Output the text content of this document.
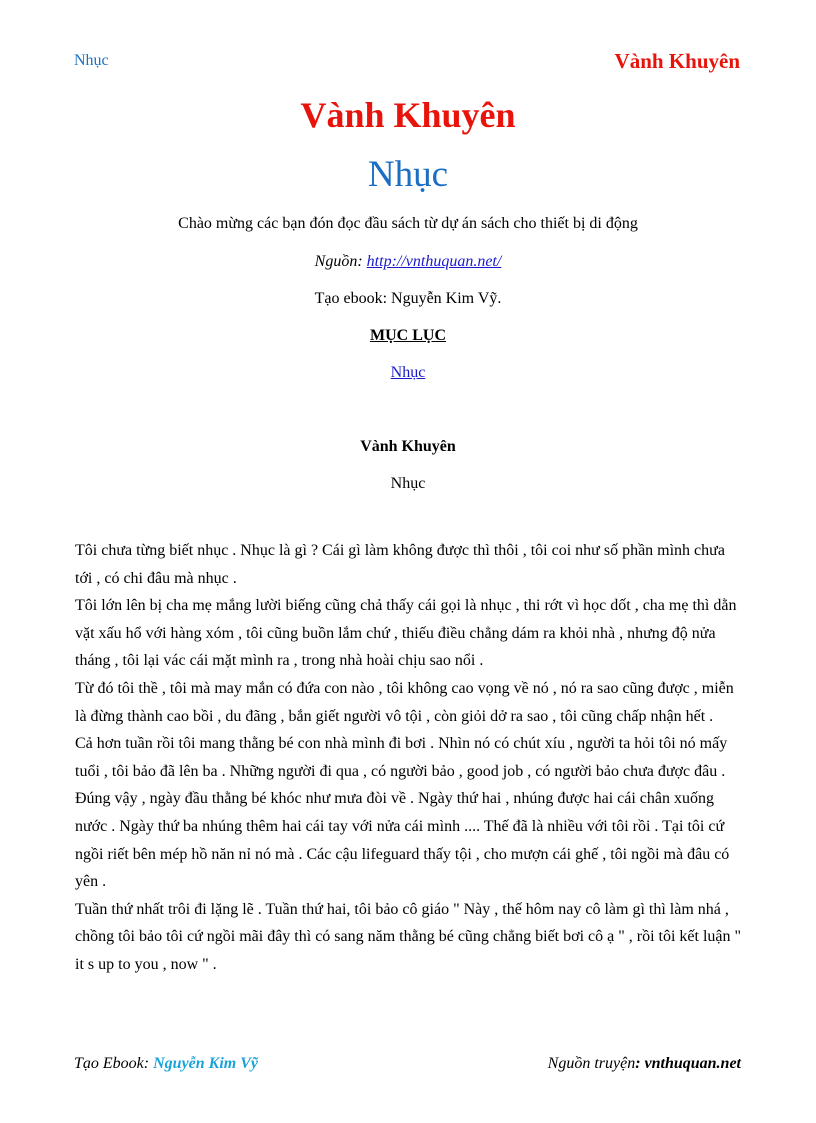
Nhục	Vành Khuyên
Vành Khuyên
Nhục
Chào mừng các bạn đón đọc đầu sách từ dự án sách cho thiết bị di động
Nguồn: http://vnthuquan.net/
Tạo ebook: Nguyễn Kim Vỹ.
MỤC LỤC
Nhục
Vành Khuyên
Nhục

Tôi chưa từng biết nhục . Nhục là gì ? Cái gì làm không được thì thôi , tôi coi như số phần mình chưa tới , có chi đâu mà nhục .

Tôi lớn lên bị cha mẹ mắng lười biếng cũng chả thấy cái gọi là nhục , thi rớt vì học dốt , cha mẹ thì dằn vặt xấu hổ với hàng xóm , tôi cũng buồn lắm chứ , thiếu điều chẳng dám ra khỏi nhà , nhưng độ nửa tháng , tôi lại vác cái mặt mình ra , trong nhà hoài chịu sao nổi .

Từ đó tôi thề , tôi mà may mắn có đứa con nào , tôi không cao vọng về nó , nó ra sao cũng được , miễn là đừng thành cao bồi , du đãng , bắn giết người vô tội , còn giỏi dở ra sao , tôi cũng chấp nhận hết .

Cả hơn tuần rồi tôi mang thằng bé con nhà mình đi bơi . Nhìn nó có chút xíu , người ta hỏi tôi nó mấy tuổi , tôi bảo đã lên ba . Những người đi qua , có người bảo , good job , có người bảo chưa được đâu . Đúng vậy , ngày đầu thằng bé khóc như mưa đòi về . Ngày thứ hai , nhúng được hai cái chân xuống nước . Ngày thứ ba nhúng thêm hai cái tay với nửa cái mình .... Thế đã là nhiều với tôi rồi . Tại tôi cứ ngồi riết bên mép hồ năn nỉ nó mà . Các cậu lifeguard thấy tội , cho mượn cái ghế , tôi ngồi mà đâu có yên .

Tuần thứ nhất trôi đi lặng lẽ . Tuần thứ hai, tôi bảo cô giáo " Này , thế hôm nay cô làm gì thì làm nhá , chồng tôi bảo tôi cứ ngồi mãi đây thì có sang năm thằng bé cũng chẳng biết bơi cô ạ " , rồi tôi kết luận " it s up to you , now " .

Tạo Ebook: Nguyễn Kim Vỹ	Nguồn truyện: vnthuquan.net
